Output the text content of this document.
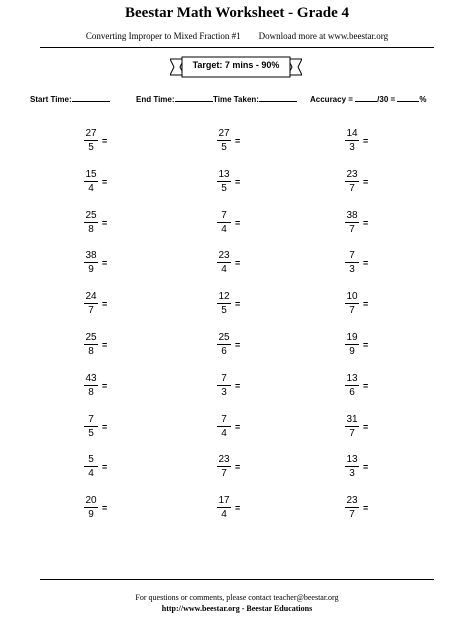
Beestar Math Worksheet - Grade 4
Converting Improper to Mixed Fraction #1 Download more at www.beestar.org
Target: 7 mins - 90%
Start Time:	End Time:	Time Taken:	Accuracy =	/30 =	%
$\frac{27}{5}$ =	$\frac{27}{5}$ =	$\frac{14}{3}$ =
$\frac{15}{4}$ =	$\frac{13}{5}$ =	$\frac{23}{7}$ =
$\frac{25}{8}$ =	$\frac{7}{4}$ =	$\frac{38}{7}$ =
$\frac{38}{9}$ =	$\frac{23}{4}$ =	$\frac{7}{3}$ =
$\frac{24}{7}$ =	$\frac{12}{5}$ =	$\frac{10}{7}$ =
$\frac{25}{8}$ =	$\frac{25}{6}$ =	$\frac{19}{9}$ =
$\frac{43}{8}$ =	$\frac{7}{3}$ =	$\frac{13}{6}$ =
$\frac{7}{5}$ =	$\frac{7}{4}$ =	$\frac{31}{7}$ =
$\frac{5}{4}$ =	$\frac{23}{7}$ =	$\frac{13}{3}$ =
$\frac{20}{9}$ =	$\frac{17}{4}$ =	$\frac{23}{7}$ =
For questions or comments, please contact teacher@beestar.org
http://www.beestar.org - Beestar Educations
